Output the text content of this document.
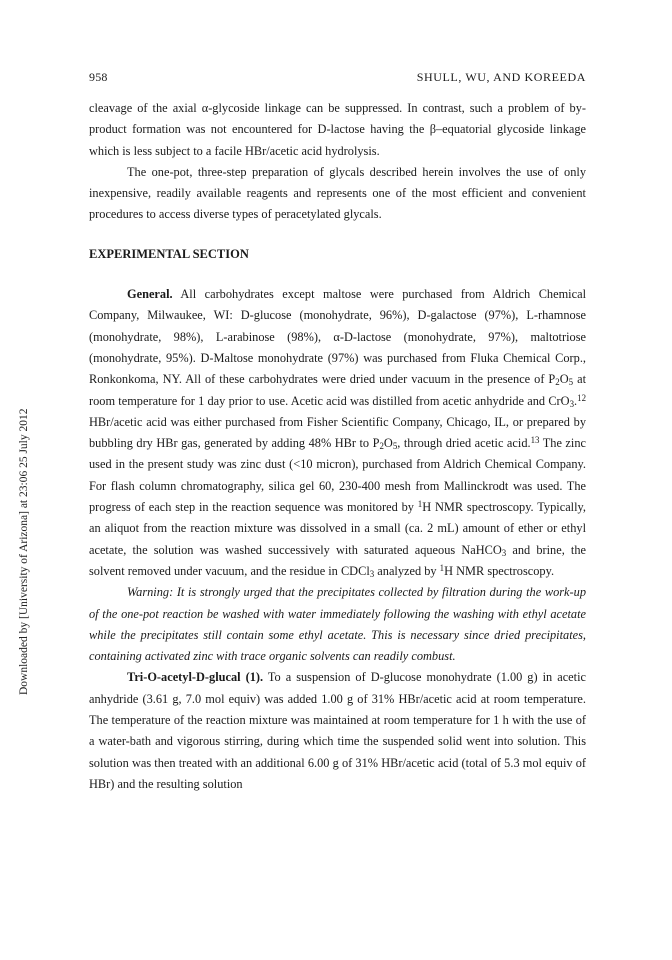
958	SHULL, WU, AND KOREEDA
Downloaded by [University of Arizona] at 23:06 25 July 2012

cleavage of the axial α-glycoside linkage can be suppressed. In contrast, such a problem of by-product formation was not encountered for D-lactose having the β–equatorial glycoside linkage which is less subject to a facile HBr/acetic acid hydrolysis.

The one-pot, three-step preparation of glycals described herein involves the use of only inexpensive, readily available reagents and represents one of the most efficient and convenient procedures to access diverse types of peracetylated glycals.

EXPERIMENTAL SECTION

General. All carbohydrates except maltose were purchased from Aldrich Chemical Company, Milwaukee, WI: D-glucose (monohydrate, 96%), D-galactose (97%), L-rhamnose (monohydrate, 98%), L-arabinose (98%), α-D-lactose (monohydrate, 97%), maltotriose (monohydrate, 95%). D-Maltose monohydrate (97%) was purchased from Fluka Chemical Corp., Ronkonkoma, NY. All of these carbohydrates were dried under vacuum in the presence of $P_2O_5$ at room temperature for 1 day prior to use. Acetic acid was distilled from acetic anhydride and CrO$_3$.$^{12}$ HBr/acetic acid was either purchased from Fisher Scientific Company, Chicago, IL, or prepared by bubbling dry HBr gas, generated by adding 48% HBr to $P_2O_5$, through dried acetic acid.$^{13}$ The zinc used in the present study was zinc dust (<10 micron), purchased from Aldrich Chemical Company. For flash column chromatography, silica gel 60, 230-400 mesh from Mallinckrodt was used. The progress of each step in the reaction sequence was monitored by $^1$H NMR spectroscopy. Typically, an aliquot from the reaction mixture was dissolved in a small (ca. 2 mL) amount of ether or ethyl acetate, the solution was washed successively with saturated aqueous NaHCO$_3$ and brine, the solvent removed under vacuum, and the residue in CDCl$_3$ analyzed by $^1$H NMR spectroscopy.

Warning: It is strongly urged that the precipitates collected by filtration during the work-up of the one-pot reaction be washed with water immediately following the washing with ethyl acetate while the precipitates still contain some ethyl acetate. This is necessary since dried precipitates, containing activated zinc with trace organic solvents can readily combust.

Tri-O-acetyl-D-glucal (1). To a suspension of D-glucose monohydrate (1.00 g) in acetic anhydride (3.61 g, 7.0 mol equiv) was added 1.00 g of 31% HBr/acetic acid at room temperature. The temperature of the reaction mixture was maintained at room temperature for 1 h with the use of a water-bath and vigorous stirring, during which time the suspended solid went into solution. This solution was then treated with an additional 6.00 g of 31% HBr/acetic acid (total of 5.3 mol equiv of HBr) and the resulting solution
